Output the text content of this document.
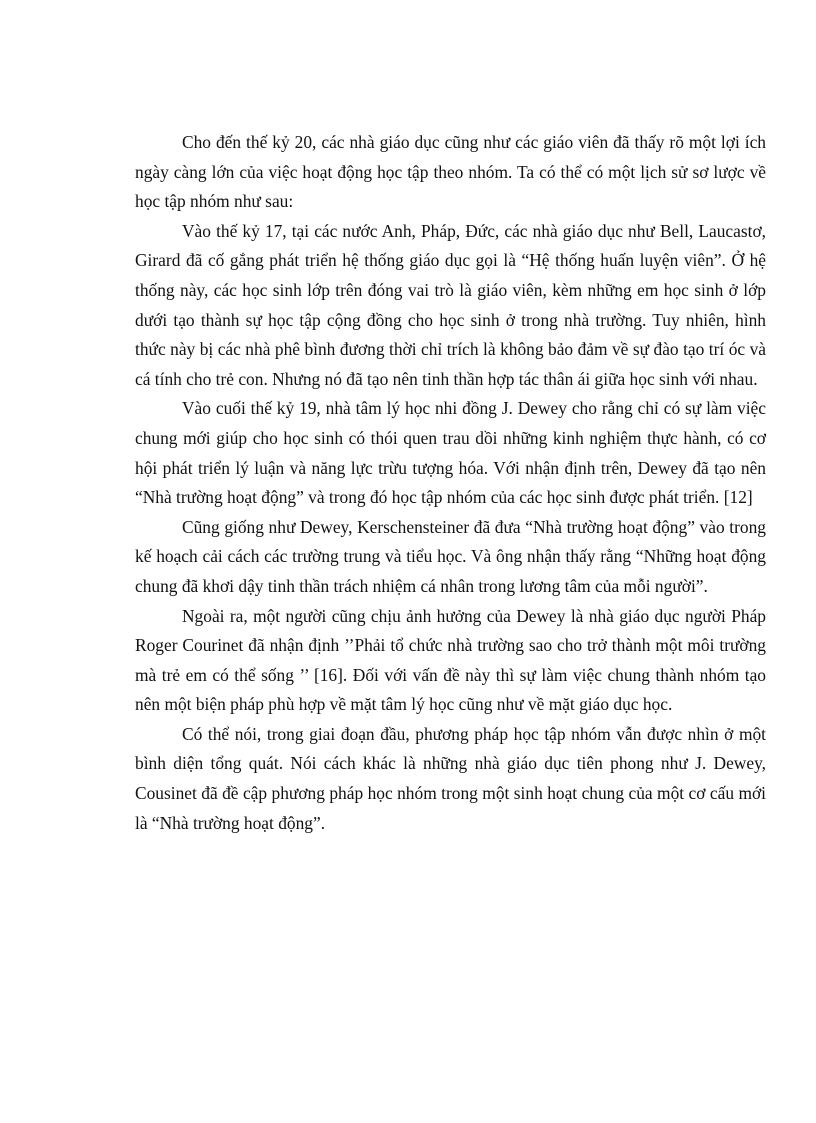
Cho đến thế kỷ 20, các nhà giáo dục cũng như các giáo viên đã thấy rõ một lợi ích ngày càng lớn của việc hoạt động học tập theo nhóm. Ta có thể có một lịch sử sơ lược về học tập nhóm như sau:

Vào thế kỷ 17, tại các nước Anh, Pháp, Đức, các nhà giáo dục như Bell, Laucastơ, Girard đã cố gắng phát triển hệ thống giáo dục gọi là “Hệ thống huấn luyện viên”. Ở hệ thống này, các học sinh lớp trên đóng vai trò là giáo viên, kèm những em học sinh ở lớp dưới tạo thành sự học tập cộng đồng cho học sinh ở trong nhà trường. Tuy nhiên, hình thức này bị các nhà phê bình đương thời chỉ trích là không bảo đảm về sự đào tạo trí óc và cá tính cho trẻ con. Nhưng nó đã tạo nên tinh thần hợp tác thân ái giữa học sinh với nhau.

Vào cuối thế kỷ 19, nhà tâm lý học nhi đồng J. Dewey cho rằng chỉ có sự làm việc chung mới giúp cho học sinh có thói quen trau dồi những kinh nghiệm thực hành, có cơ hội phát triển lý luận và năng lực trừu tượng hóa. Với nhận định trên, Dewey đã tạo nên “Nhà trường hoạt động” và trong đó học tập nhóm của các học sinh được phát triển. [12]

Cũng giống như Dewey, Kerschensteiner đã đưa “Nhà trường hoạt động” vào trong kế hoạch cải cách các trường trung và tiểu học. Và ông nhận thấy rằng “Những hoạt động chung đã khơi dậy tinh thần trách nhiệm cá nhân trong lương tâm của mỗi người”.

Ngoài ra, một người cũng chịu ảnh hưởng của Dewey là nhà giáo dục người Pháp Roger Courinet đã nhận định ’’Phải tổ chức nhà trường sao cho trở thành một môi trường mà trẻ em có thể sống ’’ [16]. Đối với vấn đề này thì sự làm việc chung thành nhóm tạo nên một biện pháp phù hợp về mặt tâm lý học cũng như về mặt giáo dục học.

Có thể nói, trong giai đoạn đầu, phương pháp học tập nhóm vẫn được nhìn ở một bình diện tổng quát. Nói cách khác là những nhà giáo dục tiên phong như J. Dewey, Cousinet đã đề cập phương pháp học nhóm trong một sinh hoạt chung của một cơ cấu mới là “Nhà trường hoạt động”.
